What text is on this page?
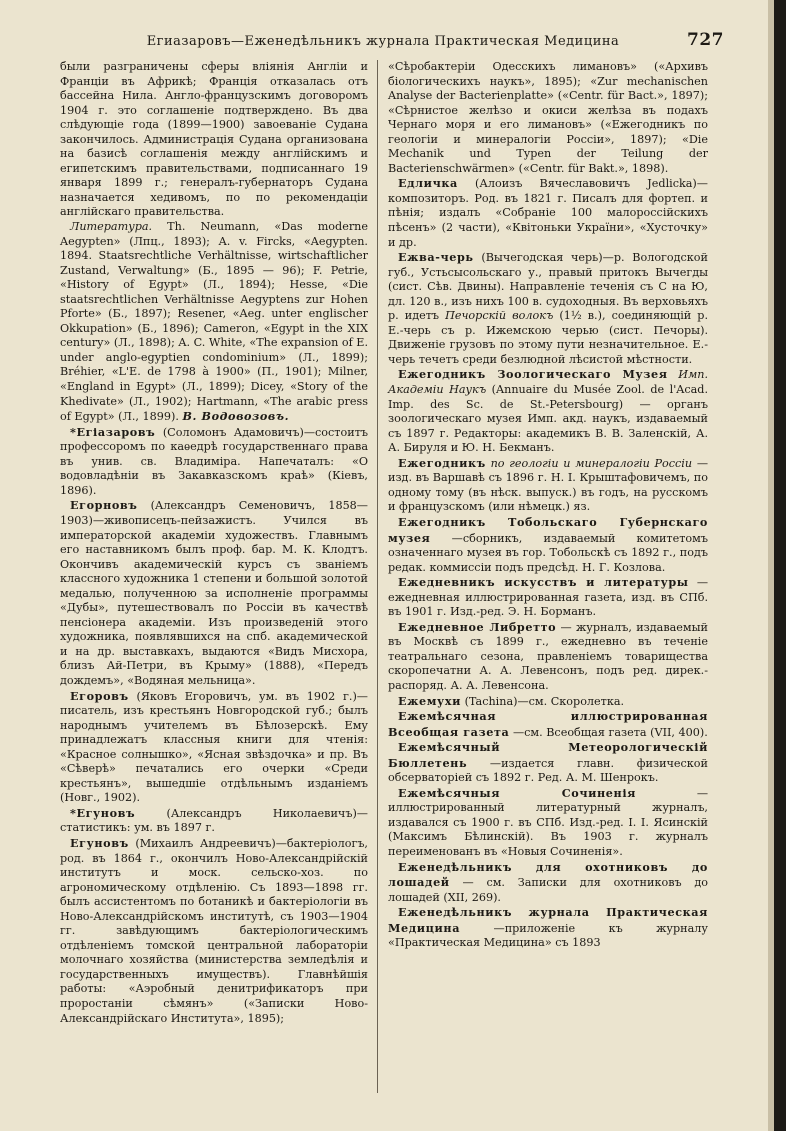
Егиазаровъ—Еженедѣльникъ журнала Практическая Медицина	727

были разграничены сферы вліянія Англіи и Франціи въ Африкѣ; Франція отказалась отъ бассейна Нила. Англо-французскимъ договоромъ 1904 г. это соглашеніе подтверждено. Въ два слѣдующіе года (1899—1900) завоеваніе Судана закончилось. Администрація Судана организована на базисѣ соглашенія между англійскимъ и египетскимъ правительствами, подписаннаго 19 января 1899 г.; генералъ-губернаторъ Судана назначается хедивомъ, по по рекомендаціи англійскаго правительства.

Литература. Th. Neumann, «Das moderne Aegypten» (Лпц., 1893); A. v. Fircks, «Aegypten. 1894. Staatsrechtliche Verhältnisse, wirtschaftlicher Zustand, Verwaltung» (Б., 1895 — 96); F. Petrie, «History of Egypt» (Л., 1894); Hesse, «Die staatsrechtlichen Verhältnisse Aegyptens zur Hohen Pforte» (Б., 1897); Resener, «Aeg. unter englischer Okkupation» (Б., 1896); Cameron, «Egypt in the XIX century» (Л., 1898); A. C. White, «The expansion of E. under anglo-egyptien condominium» (Л., 1899); Bréhier, «L'E. de 1798 à 1900» (П., 1901); Milner, «England in Egypt» (Л., 1899); Dicey, «Story of the Khedivate» (Л., 1902); Hartmann, «The arabic press of Egypt» (Л., 1899). В. Водовозовъ.

*Егіазаровъ (Соломонъ Адамовичъ)—состоитъ профессоромъ по каѳедрѣ государственнаго права въ унив. св. Владиміра. Напечаталъ: «О водовладѣніи въ Закавказскомъ краѣ» (Кіевъ, 1896).

Егорновъ (Александръ Семеновичъ, 1858—1903)—живописецъ-пейзажистъ. Учился въ императорской академіи художествъ. Главнымъ его наставникомъ былъ проф. бар. М. К. Клодтъ. Окончивъ академическій курсъ съ званіемъ классного художника 1 степени и большой золотой медалью, полученною за исполненіе программы «Дубы», путешествовалъ по Россіи въ качествѣ пенсіонера академіи. Изъ произведеній этого художника, появлявшихся на спб. академической и на др. выставкахъ, выдаются «Видъ Мисхора, близъ Ай-Петри, въ Крыму» (1888), «Передъ дождемъ», «Водяная мельница».

Егоровъ (Яковъ Егоровичъ, ум. въ 1902 г.)—писатель, изъ крестьянъ Новгородской губ.; былъ народнымъ учителемъ въ Бѣлозерскѣ. Ему принадлежатъ классныя книги для чтенія: «Красное солнышко», «Ясная звѣздочка» и пр. Въ «Сѣверѣ» печатались его очерки «Среди крестьянъ», вышедшіе отдѣльнымъ изданіемъ (Новг., 1902).

*Егуновъ	(Александръ Николаевичъ)—статистикъ: ум. въ 1897 г.

Егуновъ (Михаилъ Андреевичъ)—бактеріологъ, род. въ 1864 г., окончилъ Ново-Александрійскій институтъ и моск. сельско-хоз. по агрономическому отдѣленію. Съ 1893—1898 гг. былъ ассистентомъ по ботаникѣ и бактеріологіи въ Ново-Александрійскомъ институтѣ, съ 1903—1904 гг. завѣдующимъ бактеріологическимъ отдѣленіемъ томской центральной лабораторіи молочнаго хозяйства (министерства земледѣлія и государственныхъ имуществъ). Главнѣйшія работы: «Аэробный денитрификаторъ при проростаніи сѣмянъ» («Записки Ново-Александрійскаго Института», 1895);

«Сѣробактеріи Одесскихъ лимановъ» («Архивъ біологическихъ наукъ», 1895); «Zur mechanischen Analyse der Bacterienplatte» («Centr. für Bact.», 1897); «Сѣрнистое желѣзо и окиси желѣза въ подахъ Чернаго моря и его лимановъ» («Ежегодникъ по геологіи и минералогіи Россіи», 1897); «Die Mechanik und Typen der Teilung der Bacterienschwärmen» («Centr. für Bakt.», 1898).

Едличка (Алоизъ Вячеславовичъ Jedlicka)—композиторъ. Род. въ 1821 г. Писалъ для фортеп. и пѣнія; издалъ «Собраніе 100 малороссійскихъ пѣсенъ» (2 части), «Квітоньки України», «Хусточку» и др.

Ежва-черь (Вычегодская черь)—р. Вологодской губ., Устьсысольскаго у., правый притокъ Вычегды (сист. Сѣв. Двины). Направленіе теченія съ С на Ю, дл. 120 в., изъ нихъ 100 в. судоходныя. Въ верховьяхъ р. идетъ Печорскій волокъ (1½ в.), соединяющій р. Е.-черь съ р. Ижемскою черью (сист. Печоры). Движеніе грузовъ по этому пути незначительное. Е.-черь течетъ среди безлюдной лѣсистой мѣстности.

Ежегодникъ Зоологическаго Музея Имп. Академіи Наукъ (Annuaire du Musée Zool. de l'Acad. Imp. des Sc. de St.-Petersbourg) — органъ зоологическаго музея Имп. акд. наукъ, издаваемый съ 1897 г. Редакторы: академикъ В. В. Заленскій, А. А. Бируля и Ю. Н. Бекманъ.

Ежегодникъ по геологіи и минералогіи Россіи —изд. въ Варшавѣ съ 1896 г. Н. І. Крыштафовичемъ, по одному тому (въ нѣск. выпуск.) въ годъ, на русскомъ и французскомъ (или нѣмецк.) яз.

Ежегодникъ Тобольскаго Губернскаго музея —сборникъ, издаваемый комитетомъ означеннаго музея въ гор. Тобольскѣ съ 1892 г., подъ редак. коммиссіи подъ предсѣд. Н. Г. Козлова.

Ежедневникъ искусствъ и литературы — ежедневная иллюстрированная газета, изд. въ СПб. въ 1901 г. Изд.-ред. Э. Н. Борманъ.

Ежедневное Либретто — журналъ, издаваемый въ Москвѣ съ 1899 г., ежедневно въ теченіе театральнаго сезона, правленіемъ товарищества скоропечатни А. А. Левенсонъ, подъ ред. дирек.-распоряд. А. А. Левенсона.

Ежемухи (Tachina)—см. Скоролетка.

Ежемѣсячная иллюстрированная Всеобщая газета —см. Всеобщая газета (VII, 400).

Ежемѣсячный Метеорологическій Бюллетень —издается главн. физической обсерваторіей съ 1892 г. Ред. А. М. Шенрокъ.

Ежемѣсячныя Сочиненія	—иллюстрированный литературный журналъ, издавался съ 1900 г. въ СПб. Изд.-ред. І. І. Ясинскій (Максимъ Бѣлинскій). Въ 1903 г. журналъ переименованъ въ «Новыя Сочиненія».

Еженедѣльникъ для охотниковъ до лошадей — см. Записки для охотниковъ до лошадей (XII, 269).

Еженедѣльникъ журнала Практическая Медицина	—приложеніе къ журналу «Практическая Медицина» съ 1893
